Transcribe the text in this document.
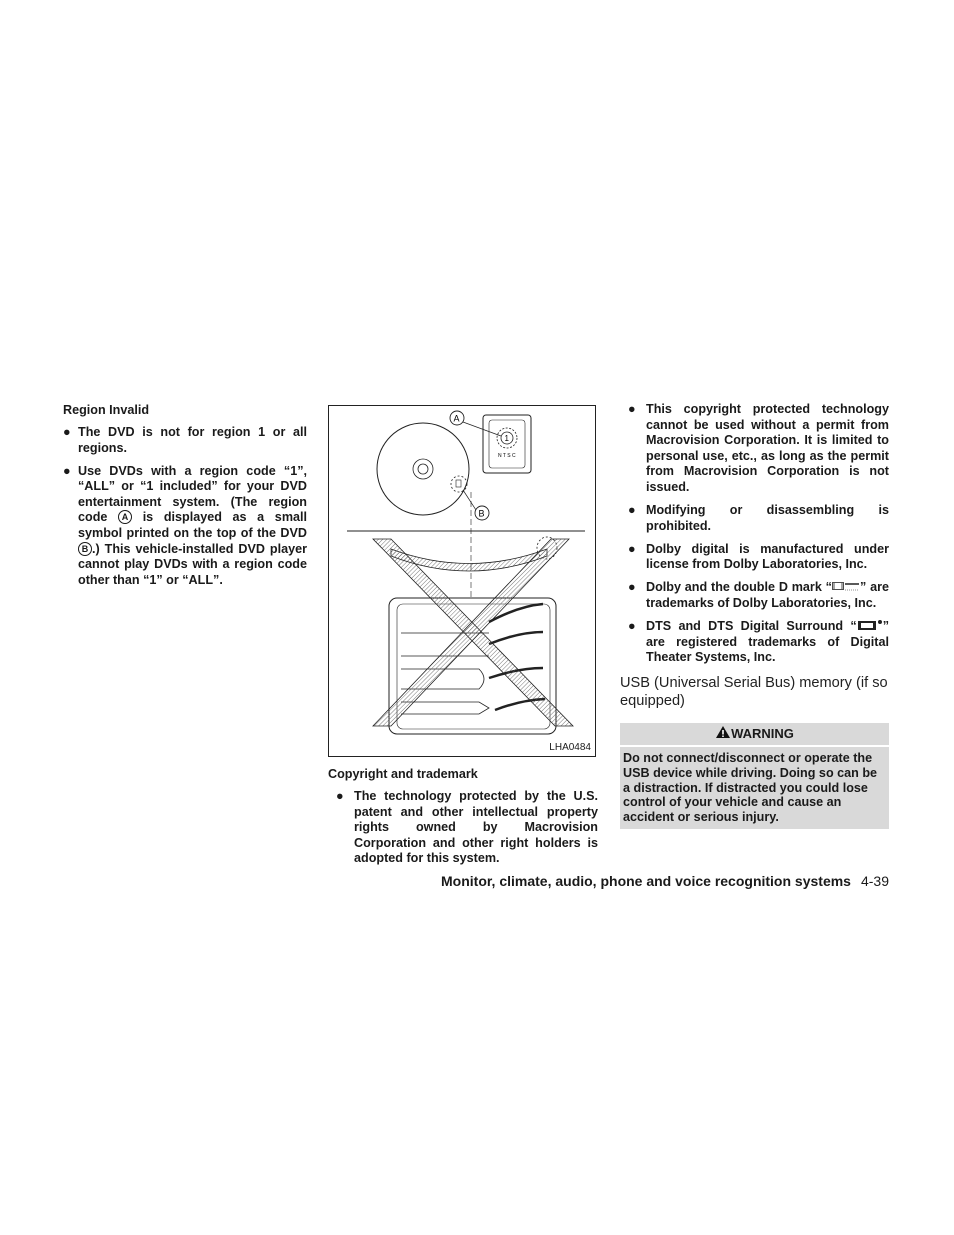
Region Invalid
● The DVD is not for region 1 or all regions.
● Use DVDs with a region code “1”, “ALL” or “1 included” for your DVD entertainment system. (The region code A is displayed as a small symbol printed on the top of the DVD B .) This vehicle-installed DVD player cannot play DVDs with a region code other than “1” or “ALL”.
1
N T S C
A
B
LHA0484
Copyright and trademark
● The technology protected by the U.S. patent and other intellectual property rights owned by Macrovision Corporation and other right holders is adopted for this system.
● This copyright protected technology cannot be used without a permit from Macrovision Corporation. It is limited to personal use, etc., as long as the permit from Macrovision Corporation is not issued.
● Modifying or disassembling is prohibited.
● Dolby digital is manufactured under license from Dolby Laboratories, Inc.
● Dolby and the double D mark “ ” are trademarks of Dolby Laboratories, Inc.
● DTS and DTS Digital Surround “ ” are registered trademarks of Digital Theater Systems, Inc.
USB (Universal Serial Bus) memory (if so equipped)
WARNING
Do not connect/disconnect or operate the USB device while driving. Doing so can be a distraction. If distracted you could lose control of your vehicle and cause an accident or serious injury.
Monitor, climate, audio, phone and voice recognition systems 4-39
